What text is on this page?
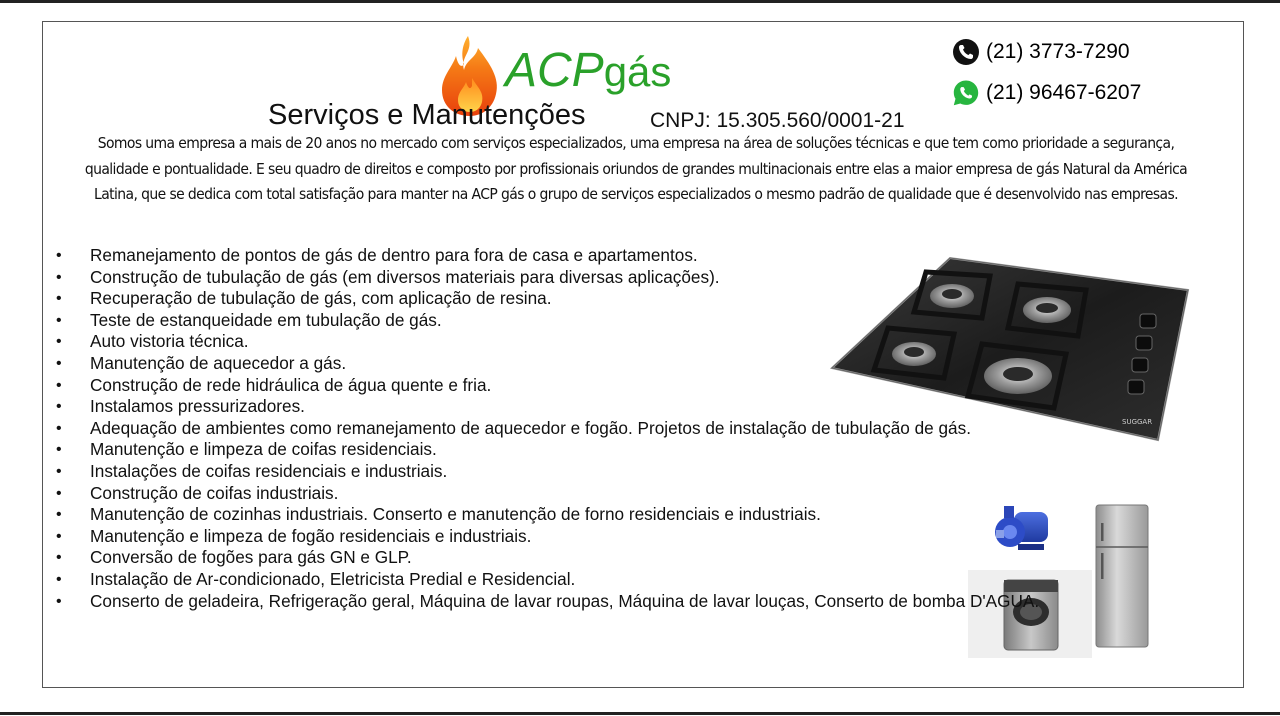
ACPgás
Serviços e Manutenções	CNPJ: 15.305.560/0001-21
(21) 3773-7290
(21) 96467-6207
Somos uma empresa a mais de 20 anos no mercado com serviços especializados, uma empresa na área de soluções técnicas e que tem como prioridade a segurança, qualidade e pontualidade. E seu quadro de direitos e composto por profissionais oriundos de grandes multinacionais entre elas a maior empresa de gás Natural da América Latina, que se dedica com total satisfação para manter na ACP gás o grupo de serviços especializados o mesmo padrão de qualidade que é desenvolvido nas empresas.
SUGGAR
• Remanejamento de pontos de gás de dentro para fora de casa e apartamentos.
• Construção de tubulação de gás (em diversos materiais para diversas aplicações).
• Recuperação de tubulação de gás, com aplicação de resina.
• Teste de estanqueidade em tubulação de gás.
• Auto vistoria técnica.
• Manutenção de aquecedor a gás.
• Construção de rede hidráulica de água quente e fria.
• Instalamos pressurizadores.
• Adequação de ambientes como remanejamento de aquecedor e fogão. Projetos de instalação de tubulação de gás.
• Manutenção e limpeza de coifas residenciais.
• Instalações de coifas residenciais e industriais.
• Construção de coifas industriais.
• Manutenção de cozinhas industriais. Conserto e manutenção de forno residenciais e industriais.
• Manutenção e limpeza de fogão residenciais e industriais.
• Conversão de fogões para gás GN e GLP.
• Instalação de Ar-condicionado, Eletricista Predial e Residencial.
• Conserto de geladeira, Refrigeração geral, Máquina de lavar roupas, Máquina de lavar louças, Conserto de bomba D'AGUA.
